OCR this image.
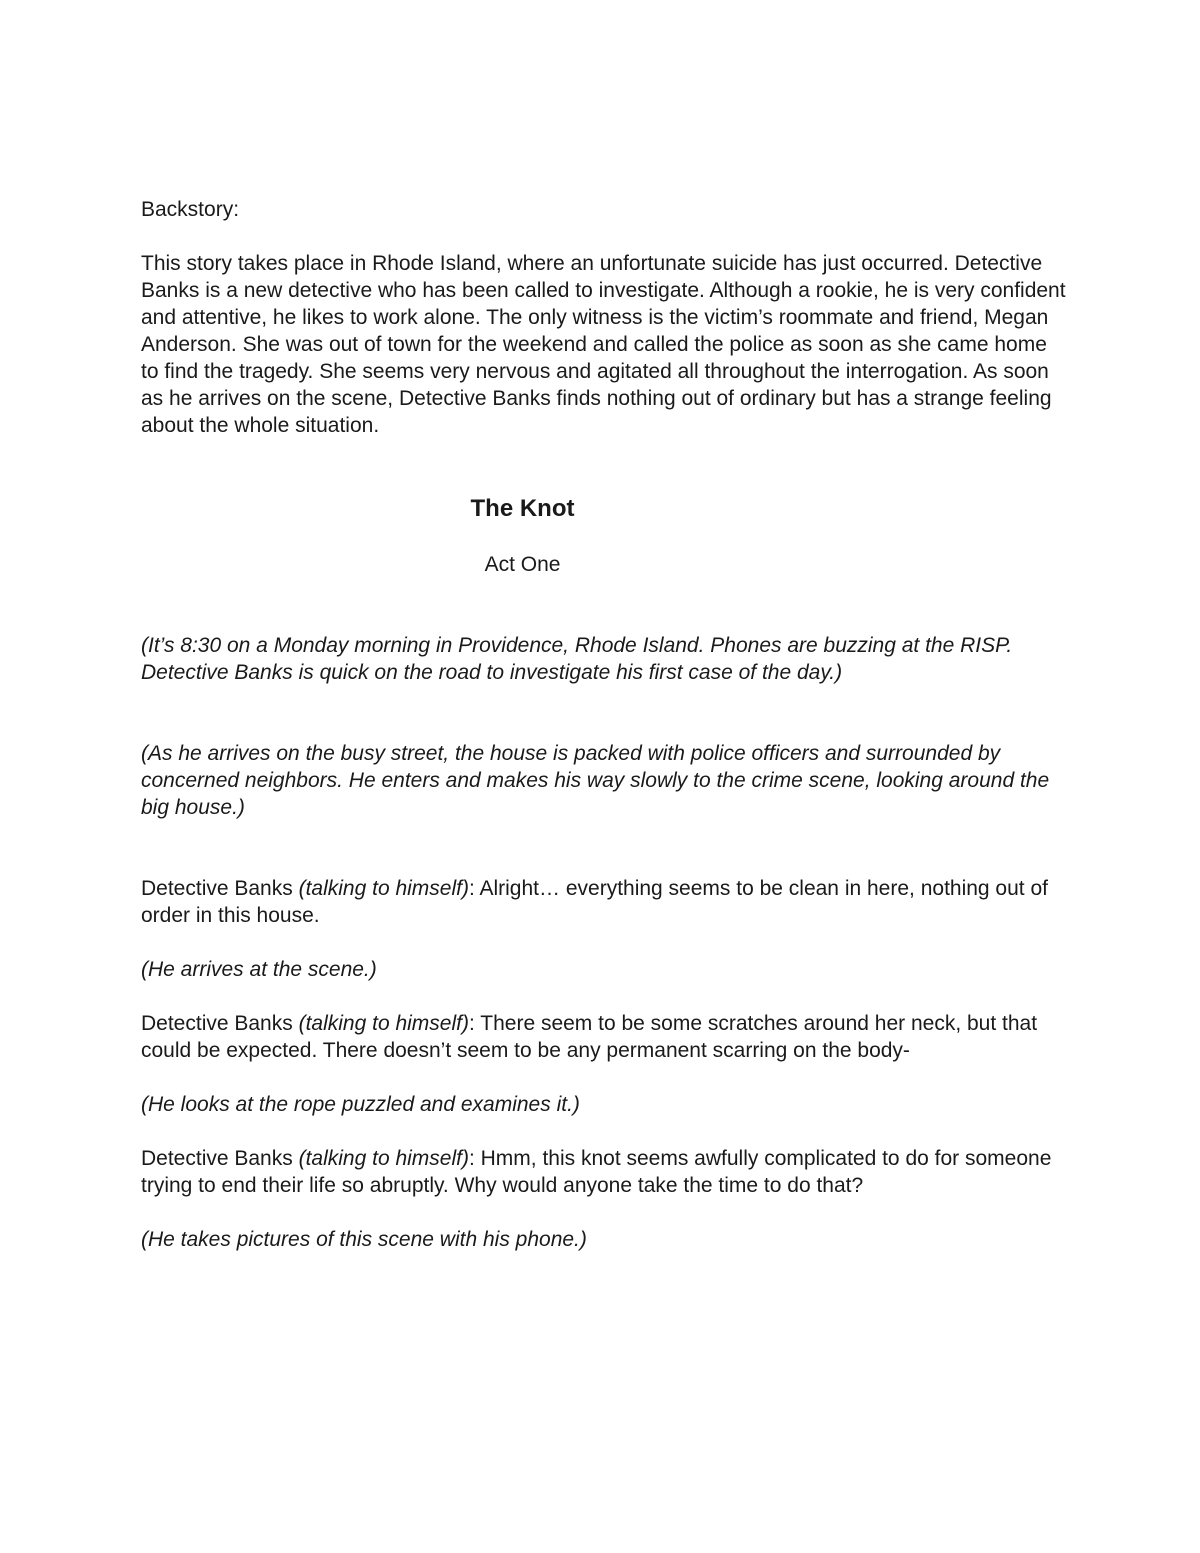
Backstory:

This story takes place in Rhode Island, where an unfortunate suicide has just occurred. Detective Banks is a new detective who has been called to investigate. Although a rookie, he is very confident and attentive, he likes to work alone. The only witness is the victim’s roommate and friend, Megan Anderson. She was out of town for the weekend and called the police as soon as she came home to find the tragedy. She seems very nervous and agitated all throughout the interrogation. As soon as he arrives on the scene, Detective Banks finds nothing out of ordinary but has a strange feeling about the whole situation.

The Knot

Act One

(It’s 8:30 on a Monday morning in Providence, Rhode Island. Phones are buzzing at the RISP. Detective Banks is quick on the road to investigate his first case of the day.)

(As he arrives on the busy street, the house is packed with police officers and surrounded by concerned neighbors. He enters and makes his way slowly to the crime scene, looking around the big house.)

Detective Banks (talking to himself): Alright… everything seems to be clean in here, nothing out of order in this house.

(He arrives at the scene.)

Detective Banks (talking to himself): There seem to be some scratches around her neck, but that could be expected. There doesn’t seem to be any permanent scarring on the body-

(He looks at the rope puzzled and examines it.)

Detective Banks (talking to himself): Hmm, this knot seems awfully complicated to do for someone trying to end their life so abruptly. Why would anyone take the time to do that?

(He takes pictures of this scene with his phone.)
